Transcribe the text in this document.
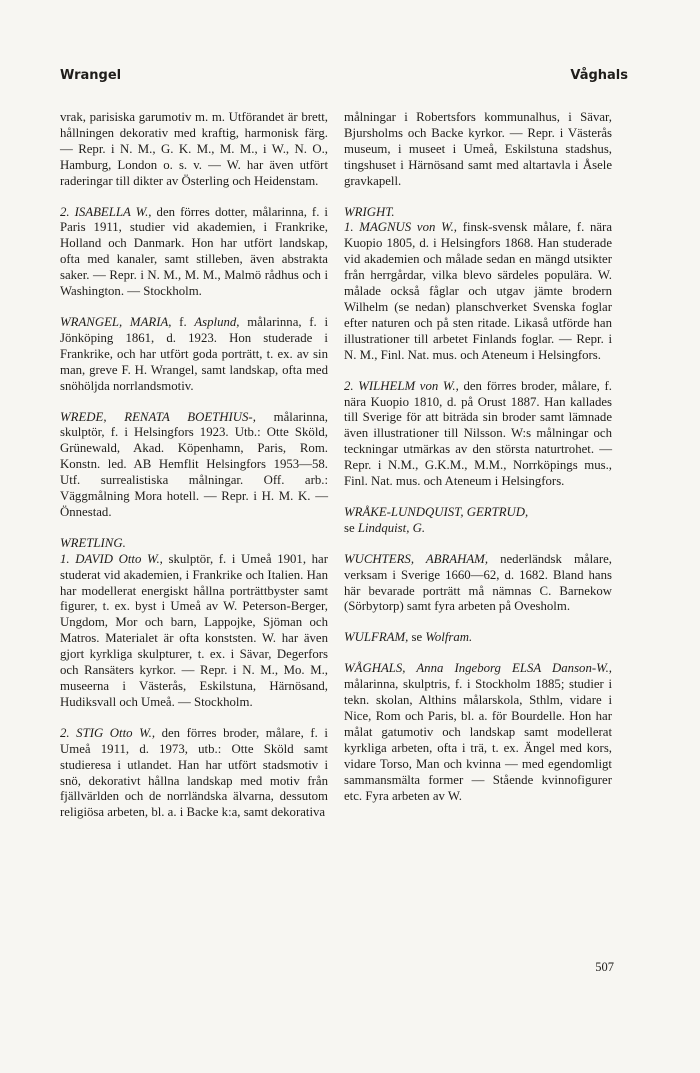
Wrangel	Våghals

vrak, parisiska garumotiv m. m. Utförandet är brett, hållningen dekorativ med kraftig, harmonisk färg. — Repr. i N. M., G. K. M., M. M., i W., N. O., Hamburg, London o. s. v. — W. har även utfört raderingar till dikter av Österling och Heidenstam.

2. ISABELLA W., den förres dotter, målarinna, f. i Paris 1911, studier vid akademien, i Frankrike, Holland och Danmark. Hon har utfört landskap, ofta med kanaler, samt stilleben, även abstrakta saker. — Repr. i N. M., M. M., Malmö rådhus och i Washington. — Stockholm.

WRANGEL, MARIA, f. Asplund, målarinna, f. i Jönköping 1861, d. 1923. Hon studerade i Frankrike, och har utfört goda porträtt, t. ex. av sin man, greve F. H. Wrangel, samt landskap, ofta med snöhöljda norrlandsmotiv.

WREDE, RENATA BOETHIUS-, målarinna, skulptör, f. i Helsingfors 1923. Utb.: Otte Sköld, Grünewald, Akad. Köpenhamn, Paris, Rom. Konstn. led. AB Hemflit Helsingfors 1953—58. Utf. surrealistiska målningar. Off. arb.: Väggmålning Mora hotell. — Repr. i H. M. K. — Önnestad.

WRETLING.

1. DAVID Otto W., skulptör, f. i Umeå 1901, har studerat vid akademien, i Frankrike och Italien. Han har modellerat energiskt hållna porträttbyster samt figurer, t. ex. byst i Umeå av W. Peterson-Berger, Ungdom, Mor och barn, Lappojke, Sjöman och Matros. Materialet är ofta konststen. W. har även gjort kyrkliga skulpturer, t. ex. i Sävar, Degerfors och Ransäters kyrkor. — Repr. i N. M., Mo. M., museerna i Västerås, Eskilstuna, Härnösand, Hudiksvall och Umeå. — Stockholm.

2. STIG Otto W., den förres broder, målare, f. i Umeå 1911, d. 1973, utb.: Otte Sköld samt studieresa i utlandet. Han har utfört stadsmotiv i snö, dekorativt hållna landskap med motiv från fjällvärlden och de norrländska älvarna, dessutom religiösa arbeten, bl. a. i Backe k:a, samt dekorativa

målningar i Robertsfors kommunalhus, i Sävar, Bjursholms och Backe kyrkor. — Repr. i Västerås museum, i museet i Umeå, Eskilstuna stadshus, tingshuset i Härnösand samt med altartavla i Åsele gravkapell.

WRIGHT.

1. MAGNUS von W., finsk-svensk målare, f. nära Kuopio 1805, d. i Helsingfors 1868. Han studerade vid akademien och målade sedan en mängd utsikter från herrgårdar, vilka blevo särdeles populära. W. målade också fåglar och utgav jämte brodern Wilhelm (se nedan) planschverket Svenska foglar efter naturen och på sten ritade. Likaså utförde han illustrationer till arbetet Finlands foglar. — Repr. i N. M., Finl. Nat. mus. och Ateneum i Helsingfors.

2. WILHELM von W., den förres broder, målare, f. nära Kuopio 1810, d. på Orust 1887. Han kallades till Sverige för att biträda sin broder samt lämnade även illustrationer till Nilsson. W:s målningar och teckningar utmärkas av den största naturtrohet. — Repr. i N.M., G.K.M., M.M., Norrköpings mus., Finl. Nat. mus. och Ateneum i Helsingfors.

WRÅKE-LUNDQUIST, GERTRUD,
se Lindquist, G.

WUCHTERS, ABRAHAM, nederländsk målare, verksam i Sverige 1660—62, d. 1682. Bland hans här bevarade porträtt må nämnas C. Barnekow (Sörbytorp) samt fyra arbeten på Ovesholm.

WULFRAM, se Wolfram.

WÅGHALS, Anna Ingeborg ELSA Danson-W., målarinna, skulptris, f. i Stockholm 1885; studier i tekn. skolan, Althins målarskola, Sthlm, vidare i Nice, Rom och Paris, bl. a. för Bourdelle. Hon har målat gatumotiv och landskap samt modellerat kyrkliga arbeten, ofta i trä, t. ex. Ängel med kors, vidare Torso, Man och kvinna — med egendomligt sammansmälta former — Stående kvinnofigurer etc. Fyra arbeten av W.

507
